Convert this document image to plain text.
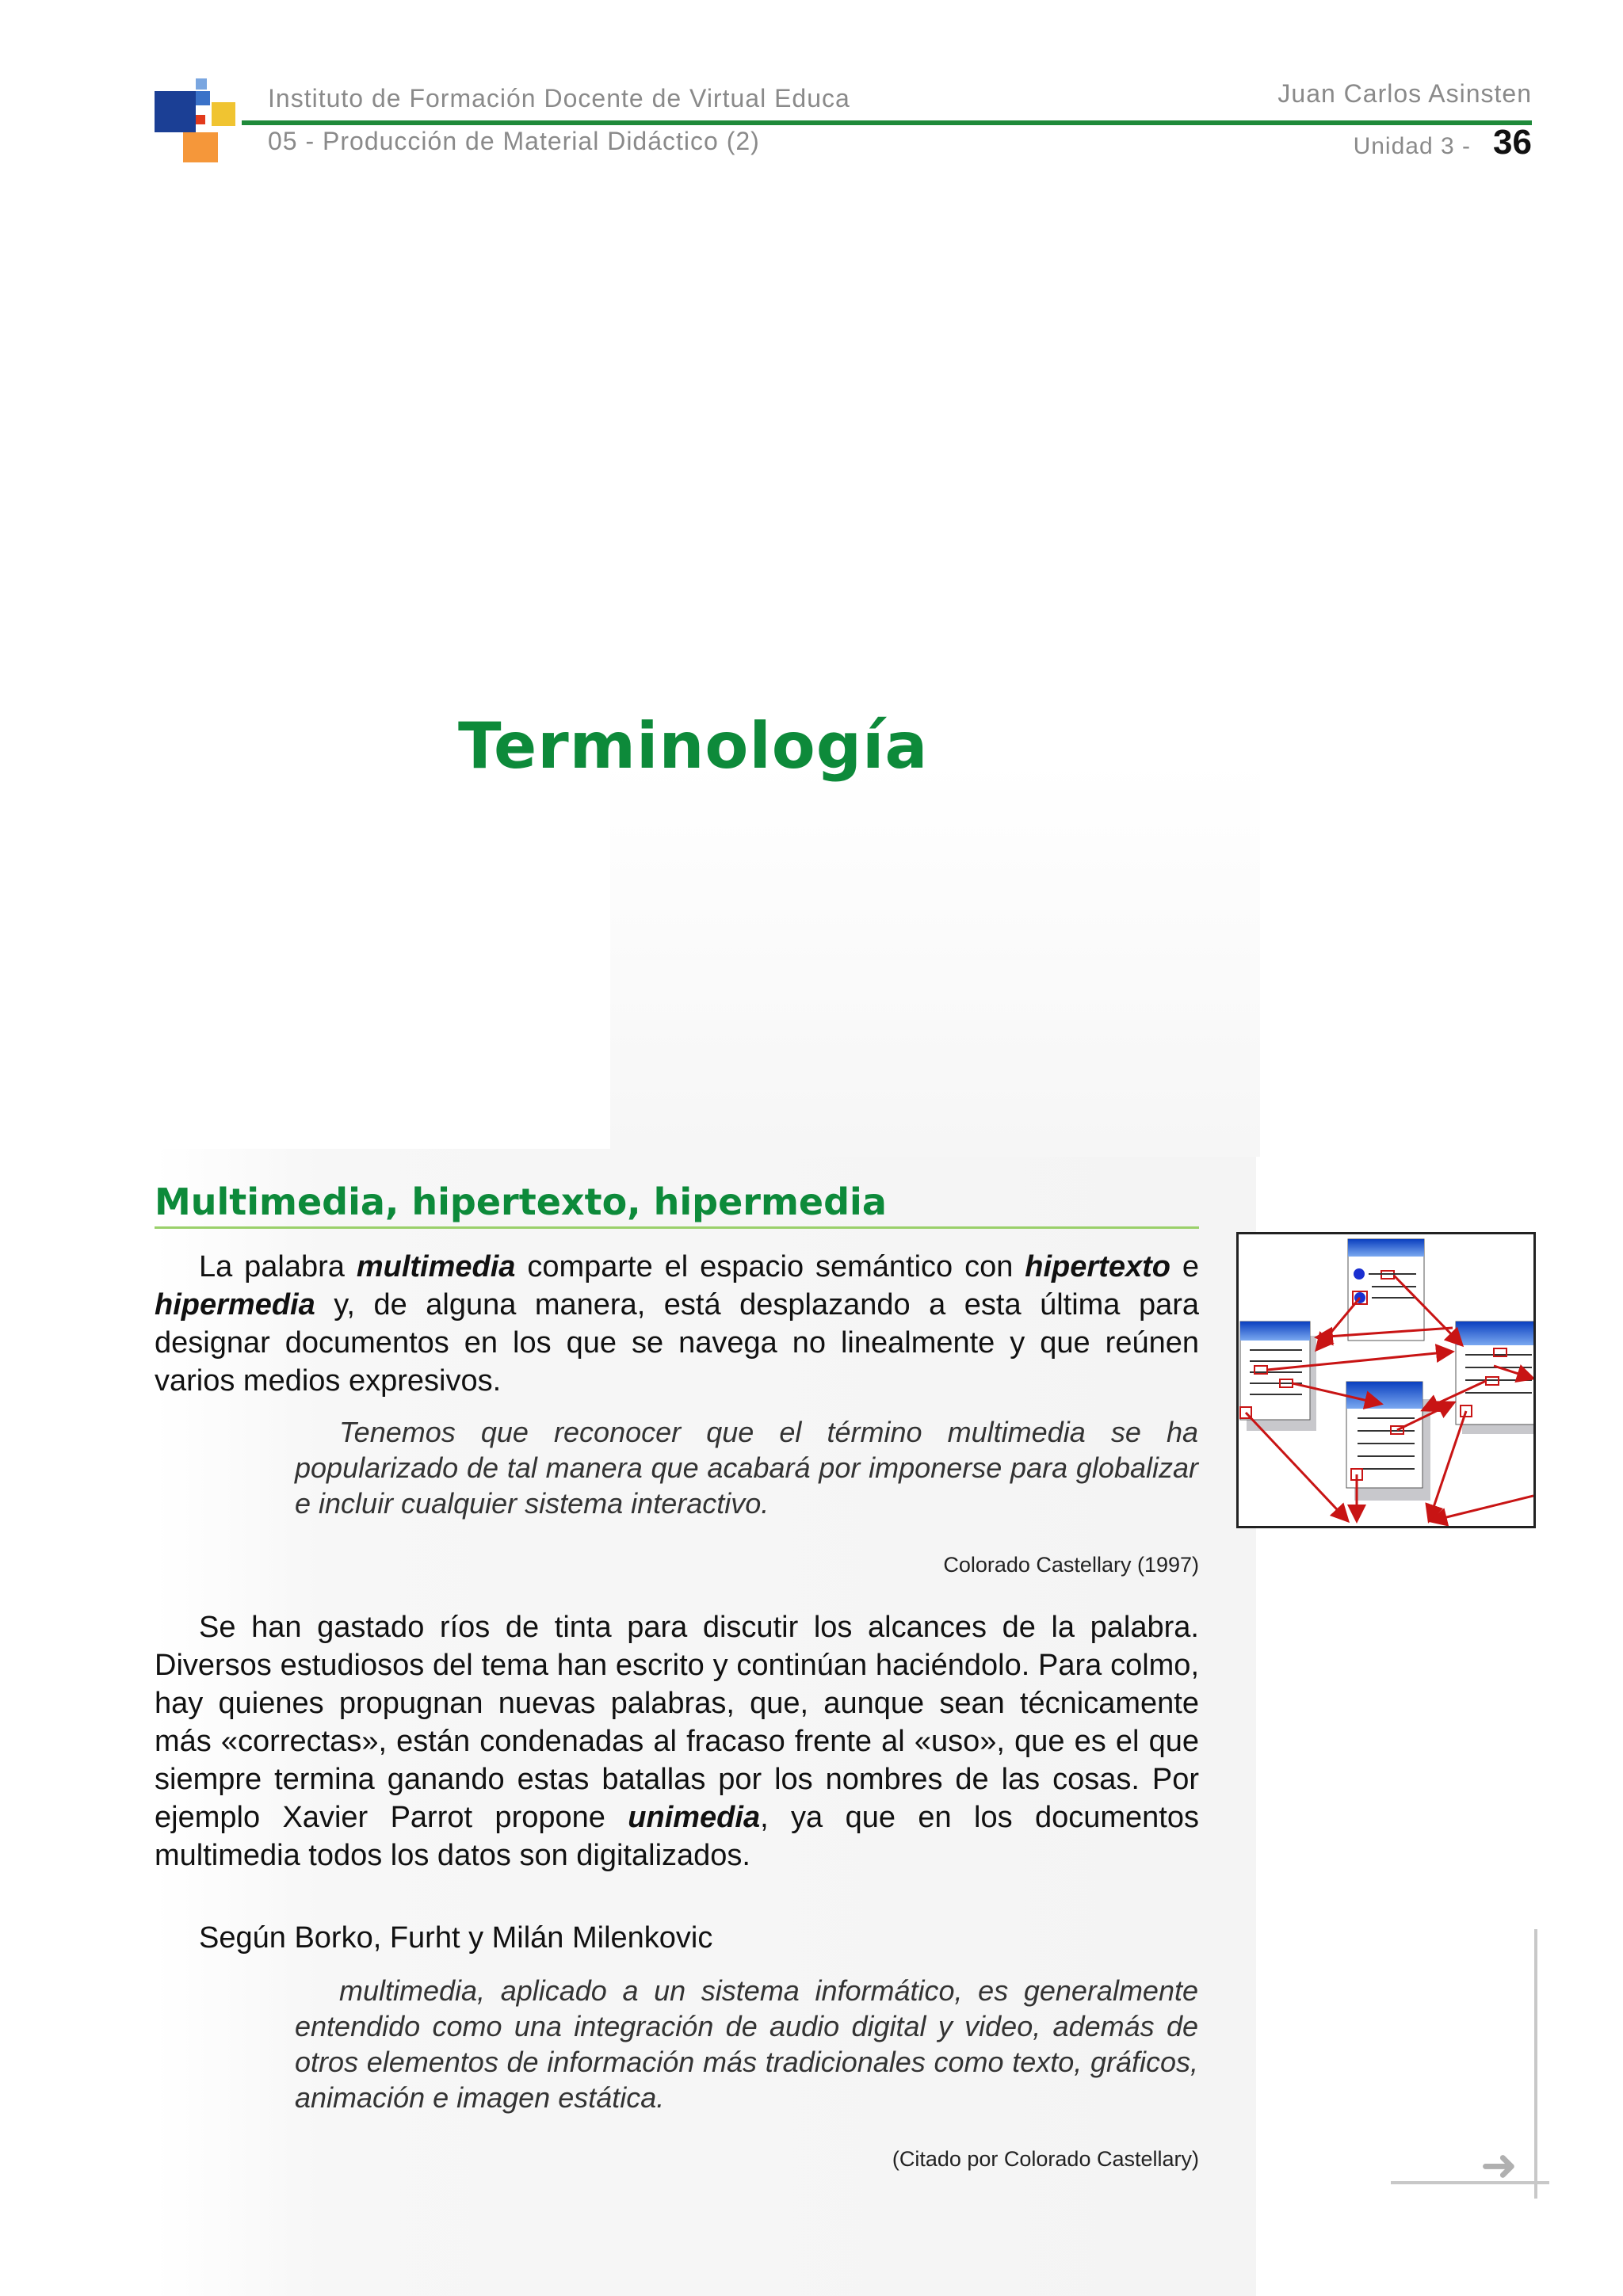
Instituto de Formación Docente de Virtual Educa
05 - Producción de Material Didáctico (2)
Juan Carlos Asinsten
Unidad 3 - 36
Terminología
Multimedia, hipertexto, hipermedia
La palabra multimedia comparte el espacio semántico con hipertexto e hipermedia y, de alguna manera, está desplazando a esta última para designar documentos en los que se navega no linealmente y que reúnen varios medios expresivos.
Tenemos que reconocer que el término multimedia se ha popularizado de tal manera que acabará por imponerse para globalizar e incluir cualquier sistema interactivo.
Colorado Castellary (1997)
Se han gastado ríos de tinta para discutir los alcances de la palabra. Diversos estudiosos del tema han escrito y continúan haciéndolo. Para colmo, hay quienes propugnan nuevas palabras, que, aunque sean técnicamente más «correctas», están condenadas al fracaso frente al «uso», que es el que siempre termina ganando estas batallas por los nombres de las cosas. Por ejemplo Xavier Parrot propone unimedia, ya que en los documentos multimedia todos los datos son digitalizados.
Según Borko, Furht y Milán Milenkovic
multimedia, aplicado a un sistema informático, es generalmente entendido como una integración de audio digital y video, además de otros elementos de información más tradicionales como texto, gráficos, animación e imagen estática.
(Citado por Colorado Castellary)	➜
